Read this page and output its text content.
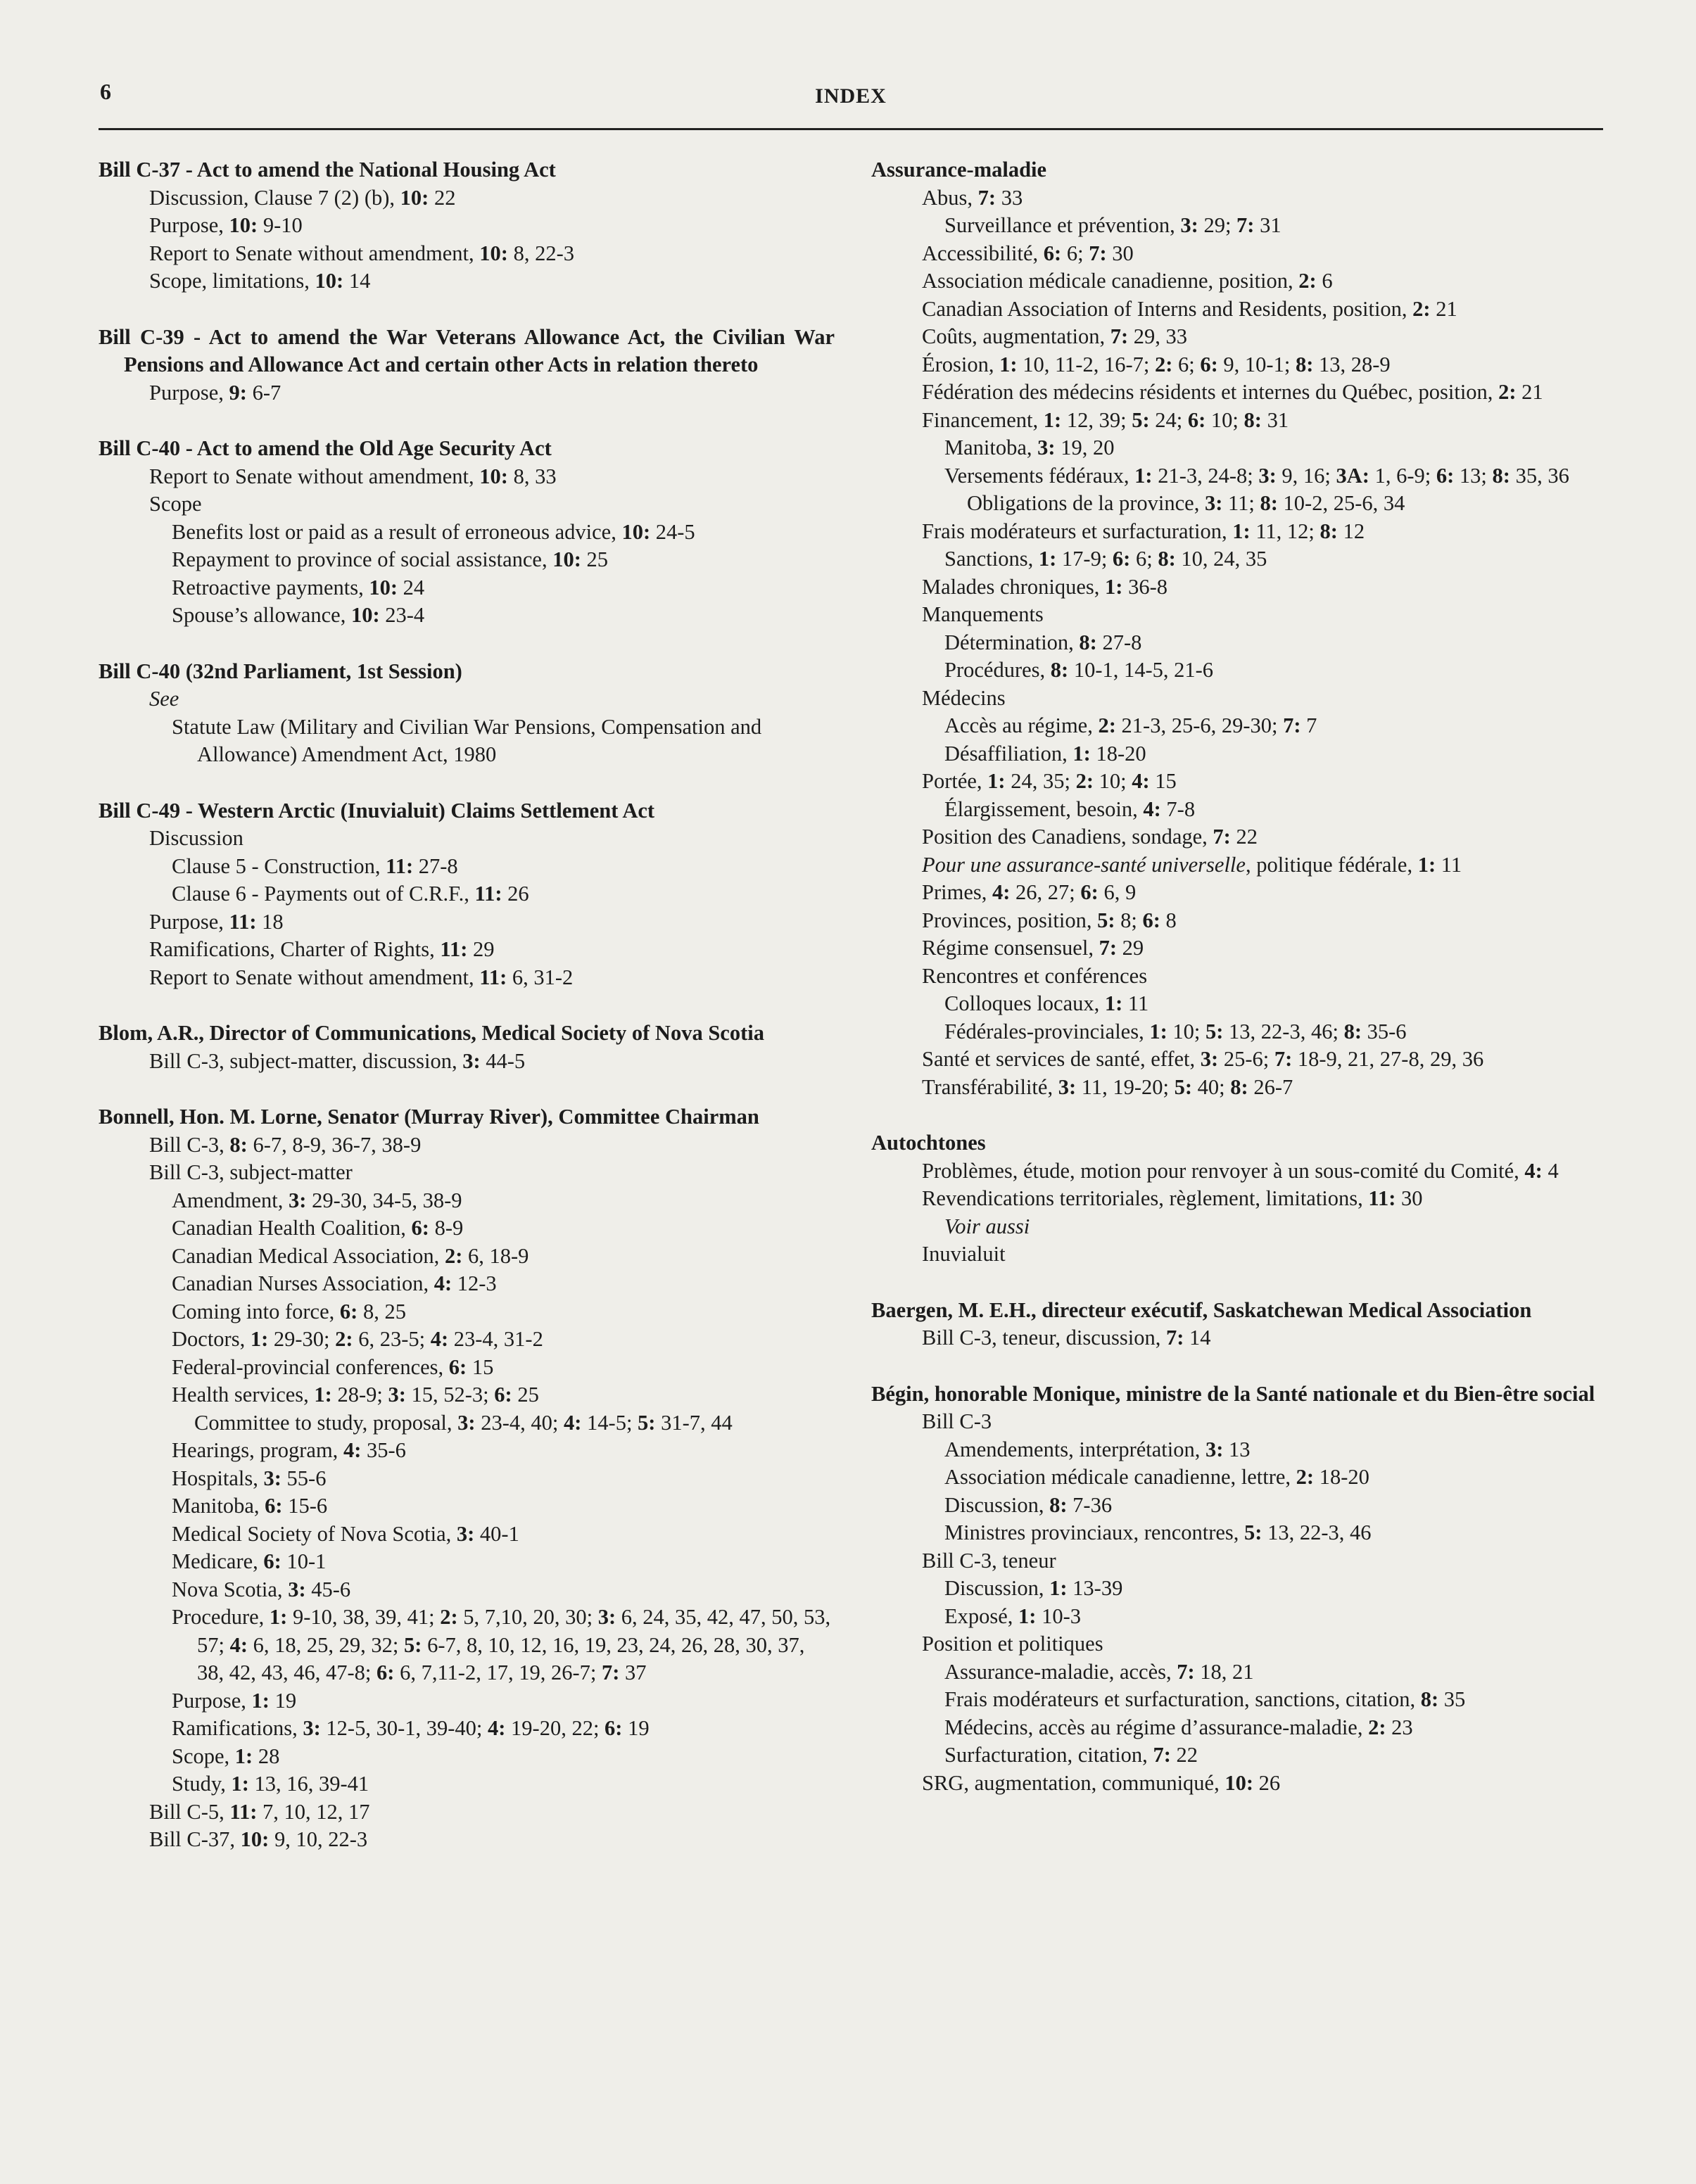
6	INDEX
Bill C-37 - Act to amend the National Housing Act
Discussion, Clause 7 (2) (b), 10: 22
Purpose, 10: 9-10
Report to Senate without amendment, 10: 8, 22-3
Scope, limitations, 10: 14
Bill C-39 - Act to amend the War Veterans Allowance Act, the Civilian War Pensions and Allowance Act and certain other Acts in relation thereto
Purpose, 9: 6-7
Bill C-40 - Act to amend the Old Age Security Act
Report to Senate without amendment, 10: 8, 33
Scope
Benefits lost or paid as a result of erroneous advice, 10: 24-5
Repayment to province of social assistance, 10: 25
Retroactive payments, 10: 24
Spouse’s allowance, 10: 23-4
Bill C-40 (32nd Parliament, 1st Session)
See
Statute Law (Military and Civilian War Pensions, Compensation and Allowance) Amendment Act, 1980
Bill C-49 - Western Arctic (Inuvialuit) Claims Settlement Act
Discussion
Clause 5 - Construction, 11: 27-8
Clause 6 - Payments out of C.R.F., 11: 26
Purpose, 11: 18
Ramifications, Charter of Rights, 11: 29
Report to Senate without amendment, 11: 6, 31-2
Blom, A.R., Director of Communications, Medical Society of Nova Scotia
Bill C-3, subject-matter, discussion, 3: 44-5
Bonnell, Hon. M. Lorne, Senator (Murray River), Committee Chairman
Bill C-3, 8: 6-7, 8-9, 36-7, 38-9
Bill C-3, subject-matter
Amendment, 3: 29-30, 34-5, 38-9
Canadian Health Coalition, 6: 8-9
Canadian Medical Association, 2: 6, 18-9
Canadian Nurses Association, 4: 12-3
Coming into force, 6: 8, 25
Doctors, 1: 29-30; 2: 6, 23-5; 4: 23-4, 31-2
Federal-provincial conferences, 6: 15
Health services, 1: 28-9; 3: 15, 52-3; 6: 25
Committee to study, proposal, 3: 23-4, 40; 4: 14-5; 5: 31-7, 44
Hearings, program, 4: 35-6
Hospitals, 3: 55-6
Manitoba, 6: 15-6
Medical Society of Nova Scotia, 3: 40-1
Medicare, 6: 10-1
Nova Scotia, 3: 45-6
Procedure, 1: 9-10, 38, 39, 41; 2: 5, 7,10, 20, 30; 3: 6, 24, 35, 42, 47, 50, 53, 57; 4: 6, 18, 25, 29, 32; 5: 6-7, 8, 10, 12, 16, 19, 23, 24, 26, 28, 30, 37, 38, 42, 43, 46, 47-8; 6: 6, 7,11-2, 17, 19, 26-7; 7: 37
Purpose, 1: 19
Ramifications, 3: 12-5, 30-1, 39-40; 4: 19-20, 22; 6: 19
Scope, 1: 28
Study, 1: 13, 16, 39-41
Bill C-5, 11: 7, 10, 12, 17
Bill C-37, 10: 9, 10, 22-3
Assurance-maladie
Abus, 7: 33
Surveillance et prévention, 3: 29; 7: 31
Accessibilité, 6: 6; 7: 30
Association médicale canadienne, position, 2: 6
Canadian Association of Interns and Residents, position, 2: 21
Coûts, augmentation, 7: 29, 33
Érosion, 1: 10, 11-2, 16-7; 2: 6; 6: 9, 10-1; 8: 13, 28-9
Fédération des médecins résidents et internes du Québec, position, 2: 21
Financement, 1: 12, 39; 5: 24; 6: 10; 8: 31
Manitoba, 3: 19, 20
Versements fédéraux, 1: 21-3, 24-8; 3: 9, 16; 3A: 1, 6-9; 6: 13; 8: 35, 36
Obligations de la province, 3: 11; 8: 10-2, 25-6, 34
Frais modérateurs et surfacturation, 1: 11, 12; 8: 12
Sanctions, 1: 17-9; 6: 6; 8: 10, 24, 35
Malades chroniques, 1: 36-8
Manquements
Détermination, 8: 27-8
Procédures, 8: 10-1, 14-5, 21-6
Médecins
Accès au régime, 2: 21-3, 25-6, 29-30; 7: 7
Désaffiliation, 1: 18-20
Portée, 1: 24, 35; 2: 10; 4: 15
Élargissement, besoin, 4: 7-8
Position des Canadiens, sondage, 7: 22
Pour une assurance-santé universelle, politique fédérale, 1: 11
Primes, 4: 26, 27; 6: 6, 9
Provinces, position, 5: 8; 6: 8
Régime consensuel, 7: 29
Rencontres et conférences
Colloques locaux, 1: 11
Fédérales-provinciales, 1: 10; 5: 13, 22-3, 46; 8: 35-6
Santé et services de santé, effet, 3: 25-6; 7: 18-9, 21, 27-8, 29, 36
Transférabilité, 3: 11, 19-20; 5: 40; 8: 26-7
Autochtones
Problèmes, étude, motion pour renvoyer à un sous-comité du Comité, 4: 4
Revendications territoriales, règlement, limitations, 11: 30
Voir aussi
Inuvialuit
Baergen, M. E.H., directeur exécutif, Saskatchewan Medical Association
Bill C-3, teneur, discussion, 7: 14
Bégin, honorable Monique, ministre de la Santé nationale et du Bien-être social
Bill C-3
Amendements, interprétation, 3: 13
Association médicale canadienne, lettre, 2: 18-20
Discussion, 8: 7-36
Ministres provinciaux, rencontres, 5: 13, 22-3, 46
Bill C-3, teneur
Discussion, 1: 13-39
Exposé, 1: 10-3
Position et politiques
Assurance-maladie, accès, 7: 18, 21
Frais modérateurs et surfacturation, sanctions, citation, 8: 35
Médecins, accès au régime d’assurance-maladie, 2: 23
Surfacturation, citation, 7: 22
SRG, augmentation, communiqué, 10: 26
